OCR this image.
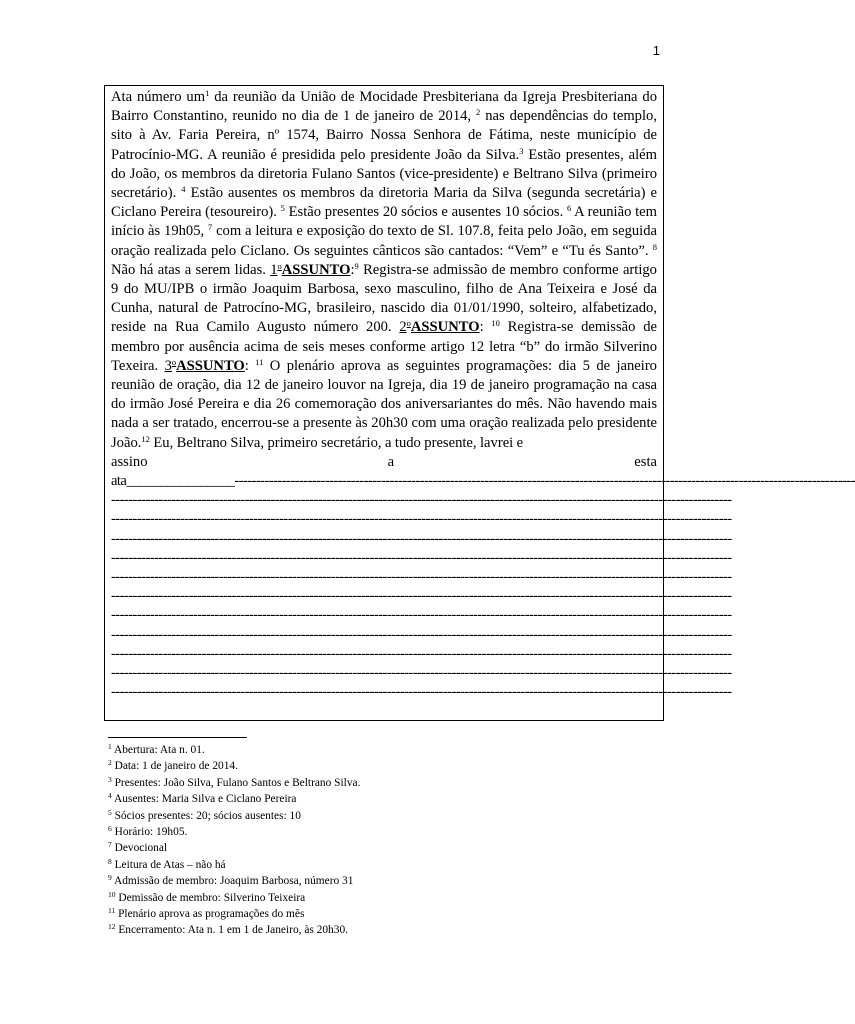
1

Ata número $um^1$ da reunião da União de Mocidade Presbiteriana da Igreja Presbiteriana do Bairro Constantino, reunido no dia de 1 de janeiro de 2014, $^2$ nas dependências do templo, sito à Av. Faria Pereira, nº 1574, Bairro Nossa Senhora de Fátima, neste município de Patrocínio-MG. A reunião é presidida pelo presidente João da Silva.$^3$ Estão presentes, além do João, os membros da diretoria Fulano Santos (vice-presidente) e Beltrano Silva (primeiro secretário). $^4$ Estão ausentes os membros da diretoria Maria da Silva (segunda secretária) e Ciclano Pereira (tesoureiro). $^5$ Estão presentes 20 sócios e ausentes 10 sócios. $^6$ A reunião tem início às 19h05, $^7$ com a leitura e exposição do texto de Sl. 107.8, feita pelo João, em seguida oração realizada pelo Ciclano. Os seguintes cânticos são cantados: “Vem” e “Tu és Santo”. $^8$ Não há atas a serem lidas. 1$^o$ASSUNTO:$^9$ Registra-se admissão de membro conforme artigo 9 do MU/IPB o irmão Joaquim Barbosa, sexo masculino, filho de Ana Teixeira e José da Cunha, natural de Patrocíno-MG, brasileiro, nascido dia 01/01/1990, solteiro, alfabetizado, reside na Rua Camilo Augusto número 200. 2$^o$ASSUNTO: $^{10}$ Registra-se demissão de membro por ausência acima de seis meses conforme artigo 12 letra “b” do irmão Silverino Texeira. 3$^o$ASSUNTO: $^{11}$ O plenário aprova as seguintes programações: dia 5 de janeiro reunião de oração, dia 12 de janeiro louvor na Igreja, dia 19 de janeiro programação na casa do irmão José Pereira e dia 26 comemoração dos aniversariantes do mês. Não havendo mais nada a ser tratado, encerrou-se a presente às 20h30 com uma oração realizada pelo presidente João.$^{12}$ Eu, Beltrano Silva, primeiro secretário, a tudo presente, lavrei e

assino	a	esta
ata________________------------------------------------------------------------------------------------------------------------------------------------------------
------------------------------------------------------------------------------------------------------------------------------------------------
------------------------------------------------------------------------------------------------------------------------------------------------
------------------------------------------------------------------------------------------------------------------------------------------------
------------------------------------------------------------------------------------------------------------------------------------------------
------------------------------------------------------------------------------------------------------------------------------------------------
------------------------------------------------------------------------------------------------------------------------------------------------
------------------------------------------------------------------------------------------------------------------------------------------------
------------------------------------------------------------------------------------------------------------------------------------------------
------------------------------------------------------------------------------------------------------------------------------------------------
------------------------------------------------------------------------------------------------------------------------------------------------
------------------------------------------------------------------------------------------------------------------------------------------------
$^1$ Abertura: Ata n. 01.
$^2$ Data: 1 de janeiro de 2014.
$^3$ Presentes: João Silva, Fulano Santos e Beltrano Silva.
$^4$ Ausentes: Maria Silva e Ciclano Pereira
$^5$ Sócios presentes: 20; sócios ausentes: 10
$^6$ Horário: 19h05.
$^7$ Devocional
$^8$ Leitura de Atas – não há
$^9$ Admissão de membro: Joaquim Barbosa, número 31
$^{10}$ Demissão de membro: Silverino Teixeira
$^{11}$ Plenário aprova as programações do mês
$^{12}$ Encerramento: Ata n. 1 em 1 de Janeiro, às 20h30.
